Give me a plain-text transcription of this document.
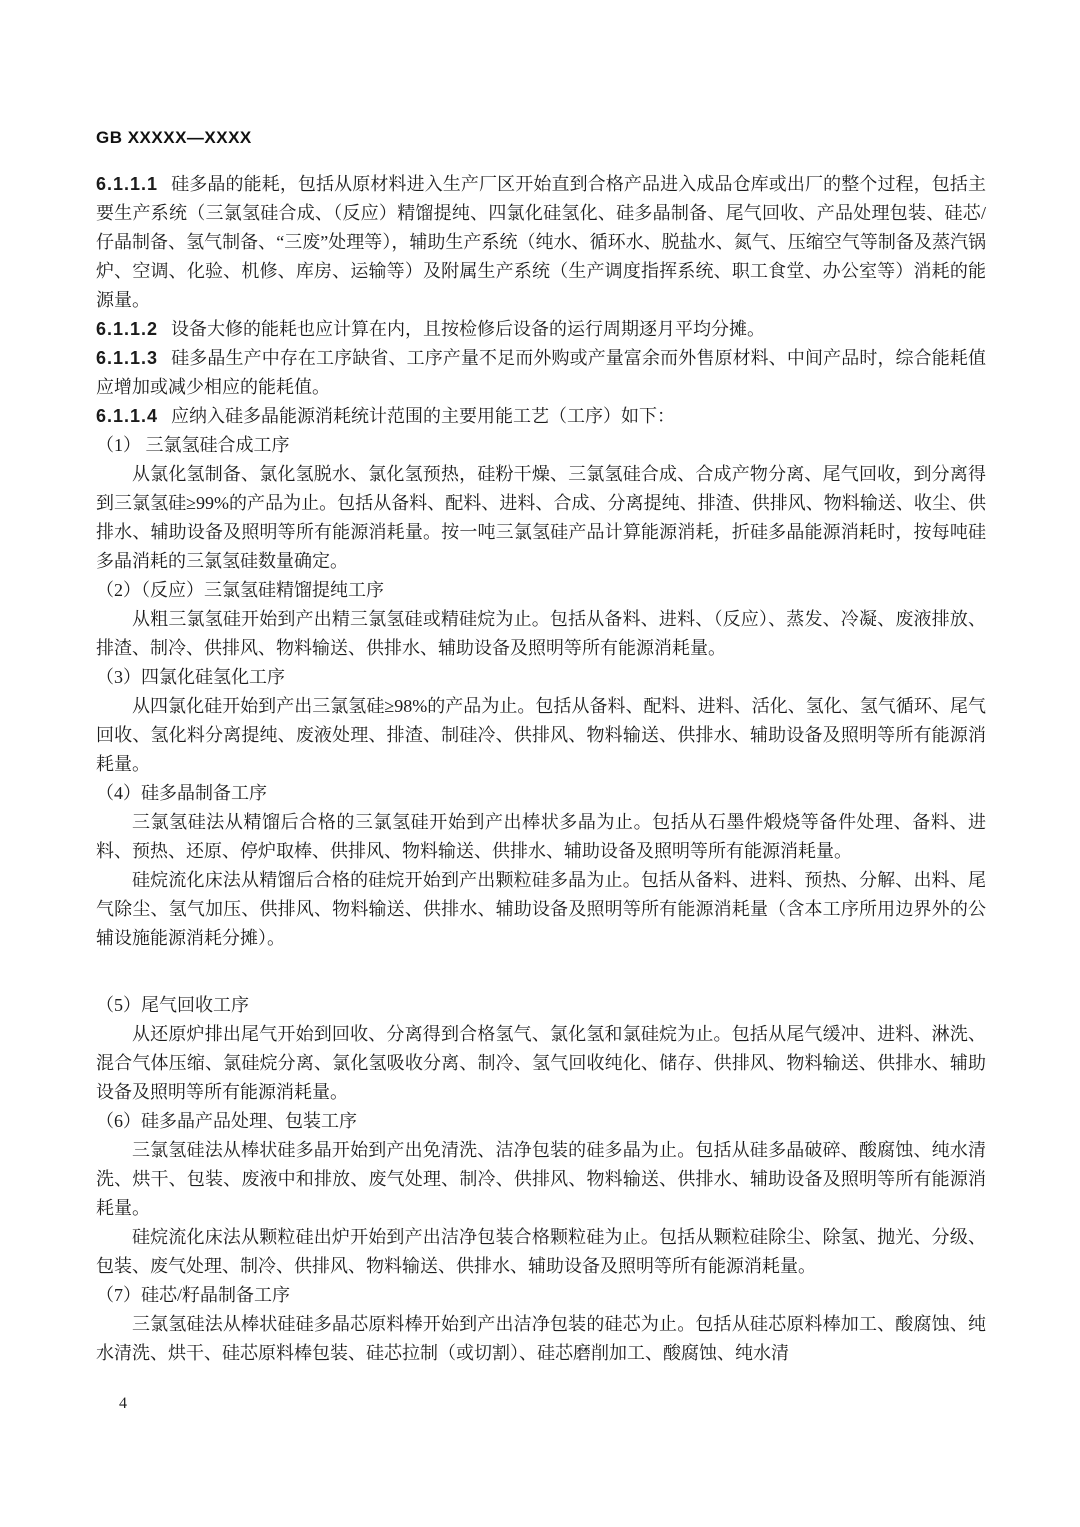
GB XXXXX—XXXX

6.1.1.1 硅多晶的能耗，包括从原材料进入生产厂区开始直到合格产品进入成品仓库或出厂的整个过程，包括主要生产系统（三氯氢硅合成、（反应）精馏提纯、四氯化硅氢化、硅多晶制备、尾气回收、产品处理包装、硅芯/仔晶制备、氢气制备、“三废”处理等），辅助生产系统（纯水、循环水、脱盐水、氮气、压缩空气等制备及蒸汽锅炉、空调、化验、机修、库房、运输等）及附属生产系统（生产调度指挥系统、职工食堂、办公室等）消耗的能源量。

6.1.1.2 设备大修的能耗也应计算在内，且按检修后设备的运行周期逐月平均分摊。

6.1.1.3 硅多晶生产中存在工序缺省、工序产量不足而外购或产量富余而外售原材料、中间产品时，综合能耗值应增加或减少相应的能耗值。

6.1.1.4 应纳入硅多晶能源消耗统计范围的主要用能工艺（工序）如下：

（1） 三氯氢硅合成工序

从氯化氢制备、氯化氢脱水、氯化氢预热，硅粉干燥、三氯氢硅合成、合成产物分离、尾气回收，到分离得到三氯氢硅≥99%的产品为止。包括从备料、配料、进料、合成、分离提纯、排渣、供排风、物料输送、收尘、供排水、辅助设备及照明等所有能源消耗量。按一吨三氯氢硅产品计算能源消耗，折硅多晶能源消耗时，按每吨硅多晶消耗的三氯氢硅数量确定。

（2）（反应）三氯氢硅精馏提纯工序

从粗三氯氢硅开始到产出精三氯氢硅或精硅烷为止。包括从备料、进料、（反应）、蒸发、冷凝、废液排放、排渣、制冷、供排风、物料输送、供排水、辅助设备及照明等所有能源消耗量。

（3）四氯化硅氢化工序

从四氯化硅开始到产出三氯氢硅≥98%的产品为止。包括从备料、配料、进料、活化、氢化、氢气循环、尾气回收、氢化料分离提纯、废液处理、排渣、制硅冷、供排风、物料输送、供排水、辅助设备及照明等所有能源消耗量。

（4）硅多晶制备工序

三氯氢硅法从精馏后合格的三氯氢硅开始到产出棒状多晶为止。包括从石墨件煅烧等备件处理、备料、进料、预热、还原、停炉取棒、供排风、物料输送、供排水、辅助设备及照明等所有能源消耗量。

硅烷流化床法从精馏后合格的硅烷开始到产出颗粒硅多晶为止。包括从备料、进料、预热、分解、出料、尾气除尘、氢气加压、供排风、物料输送、供排水、辅助设备及照明等所有能源消耗量（含本工序所用边界外的公辅设施能源消耗分摊）。

（5）尾气回收工序

从还原炉排出尾气开始到回收、分离得到合格氢气、氯化氢和氯硅烷为止。包括从尾气缓冲、进料、淋洗、混合气体压缩、氯硅烷分离、氯化氢吸收分离、制冷、氢气回收纯化、储存、供排风、物料输送、供排水、辅助设备及照明等所有能源消耗量。

（6）硅多晶产品处理、包装工序

三氯氢硅法从棒状硅多晶开始到产出免清洗、洁净包装的硅多晶为止。包括从硅多晶破碎、酸腐蚀、纯水清洗、烘干、包装、废液中和排放、废气处理、制冷、供排风、物料输送、供排水、辅助设备及照明等所有能源消耗量。

硅烷流化床法从颗粒硅出炉开始到产出洁净包装合格颗粒硅为止。包括从颗粒硅除尘、除氢、抛光、分级、包装、废气处理、制冷、供排风、物料输送、供排水、辅助设备及照明等所有能源消耗量。

（7）硅芯/籽晶制备工序

三氯氢硅法从棒状硅硅多晶芯原料棒开始到产出洁净包装的硅芯为止。包括从硅芯原料棒加工、酸腐蚀、纯水清洗、烘干、硅芯原料棒包装、硅芯拉制（或切割）、硅芯磨削加工、酸腐蚀、纯水清

4
